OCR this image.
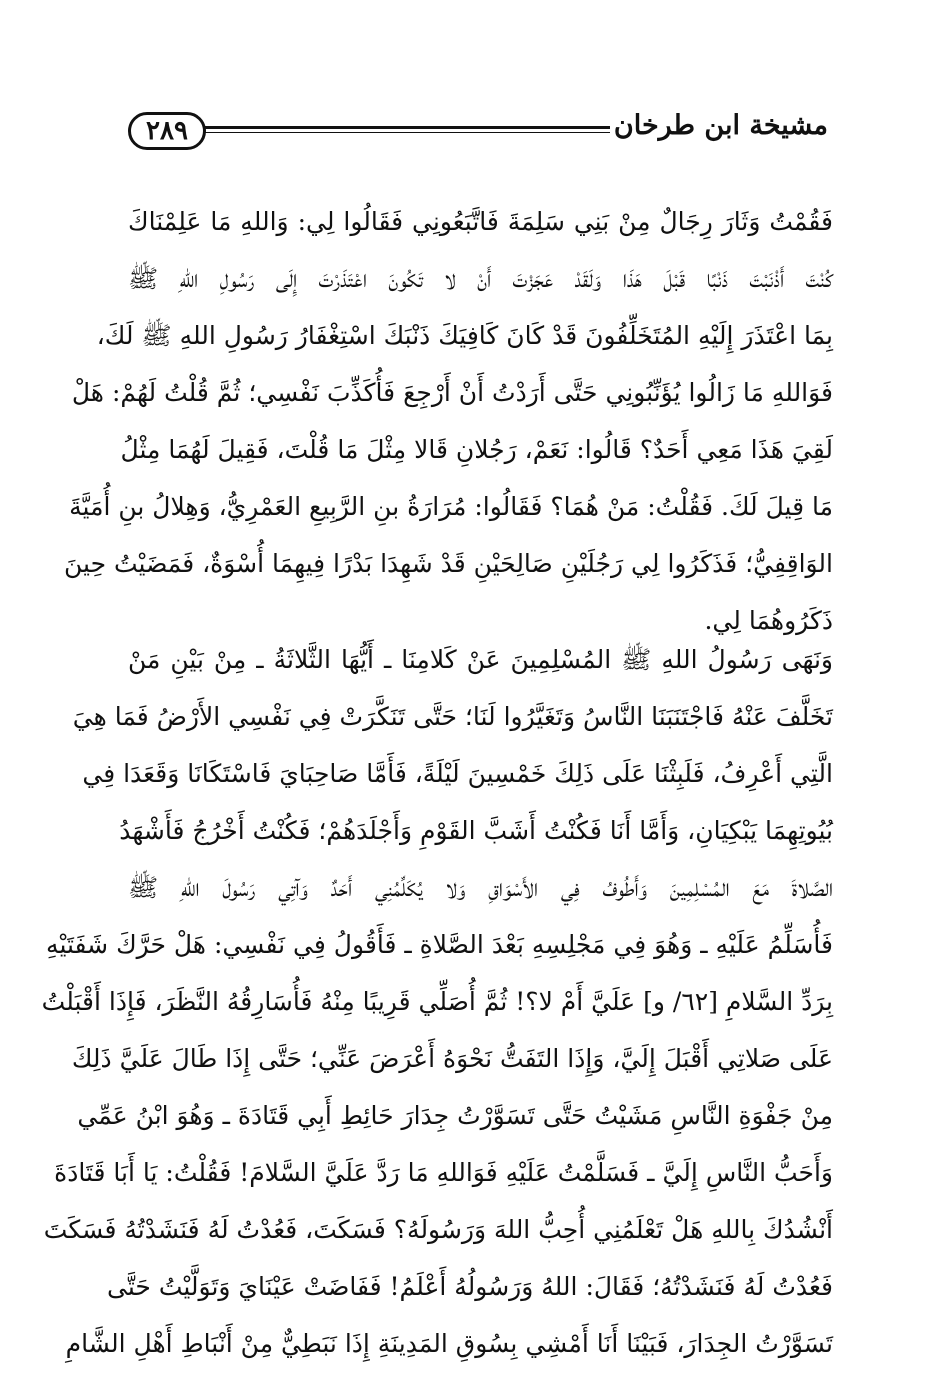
٢٨٩	مشيخة ابن طرخان
فَقُمْتُ وَثَارَ رِجَالٌ مِنْ بَنِي سَلِمَةَ فَاتَّبَعُونِي فَقَالُوا لِي: وَاللهِ مَا عَلِمْنَاكَ
كُنْتَ أَذْنَبْتَ ذَنْبًا قَبْلَ هَذَا وَلَقَدْ عَجَزْتَ أَنْ لا تَكُونَ اعْتَذَرْتَ إِلَى رَسُولِ اللهِ ﷺ
بِمَا اعْتَذَرَ إِلَيْهِ المُتَخَلِّفُونَ قَدْ كَانَ كَافِيَكَ ذَنْبَكَ اسْتِغْفَارُ رَسُولِ اللهِ ﷺ لَكَ،
فَوَاللهِ مَا زَالُوا يُؤَنِّبُونِي حَتَّى أَرَدْتُ أَنْ أَرْجِعَ فَأُكَذِّبَ نَفْسِي؛ ثُمَّ قُلْتُ لَهُمْ: هَلْ
لَقِيَ هَذَا مَعِي أَحَدٌ؟ قَالُوا: نَعَمْ، رَجُلانِ قَالا مِثْلَ مَا قُلْتَ، فَقِيلَ لَهُمَا مِثْلُ
مَا قِيلَ لَكَ. فَقُلْتُ: مَنْ هُمَا؟ فَقَالُوا: مُرَارَةُ بنِ الرَّبِيعِ العَمْرِيُّ، وَهِلالُ بنِ أُمَيَّةَ
الوَاقِفِيُّ؛ فَذَكَرُوا لِي رَجُلَيْنِ صَالِحَيْنِ قَدْ شَهِدَا بَدْرًا فِيهِمَا أُسْوَةٌ، فَمَضَيْتُ حِينَ
ذَكَرُوهُمَا لِي.
وَنَهَى رَسُولُ اللهِ ﷺ المُسْلِمِينَ عَنْ كَلامِنَا ـ أَيُّهَا الثَّلاثَةُ ـ مِنْ بَيْنِ مَنْ
تَخَلَّفَ عَنْهُ فَاجْتَنَبَنَا النَّاسُ وَتَغَيَّرُوا لَنَا؛ حَتَّى تَنَكَّرَتْ فِي نَفْسِي الأَرْضُ فَمَا هِيَ
الَّتِي أَعْرِفُ، فَلَبِثْنَا عَلَى ذَلِكَ خَمْسِينَ لَيْلَةً، فَأَمَّا صَاحِبَايَ فَاسْتَكَانَا وَقَعَدَا فِي
بُيُوتِهِمَا يَبْكِيَانِ، وَأَمَّا أَنَا فَكُنْتُ أَشَبَّ القَوْمِ وَأَجْلَدَهُمْ؛ فَكُنْتُ أَخْرُجُ فَأَشْهَدُ
الصَّلاةَ مَعَ المُسْلِمِينَ وَأَطُوفُ فِي الأَسْوَاقِ وَلا يُكَلِّمُنِي أَحَدٌ وَآتِي رَسُولَ اللهِ ﷺ
فَأُسَلِّمُ عَلَيْهِ ـ وَهُوَ فِي مَجْلِسِهِ بَعْدَ الصَّلاةِ ـ فَأَقُولُ فِي نَفْسِي: هَلْ حَرَّكَ شَفَتَيْهِ
بِرَدِّ السَّلامِ [٦٢/ و] عَلَيَّ أَمْ لا؟! ثُمَّ أُصَلِّي قَرِيبًا مِنْهُ فَأُسَارِقُهُ النَّظَرَ، فَإِذَا أَقْبَلْتُ
عَلَى صَلاتِي أَقْبَلَ إِلَيَّ، وَإِذَا التَفَتُّ نَحْوَهُ أَعْرَضَ عَنِّي؛ حَتَّى إِذَا طَالَ عَلَيَّ ذَلِكَ
مِنْ جَفْوَةِ النَّاسِ مَشَيْتُ حَتَّى تَسَوَّرْتُ جِدَارَ حَائِطِ أَبِي قَتَادَةَ ـ وَهُوَ ابْنُ عَمِّي
وَأَحَبُّ النَّاسِ إِلَيَّ ـ فَسَلَّمْتُ عَلَيْهِ فَوَاللهِ مَا رَدَّ عَلَيَّ السَّلامَ! فَقُلْتُ: يَا أَبَا قَتَادَةَ
أَنْشُدُكَ بِاللهِ هَلْ تَعْلَمُنِي أُحِبُّ اللهَ وَرَسُولَهُ؟ فَسَكَتَ، فَعُدْتُ لَهُ فَنَشَدْتُهُ فَسَكَتَ
فَعُدْتُ لَهُ فَنَشَدْتُهُ؛ فَقَالَ: اللهُ وَرَسُولُهُ أَعْلَمُ! فَفَاضَتْ عَيْنَايَ وَتَوَلَّيْتُ حَتَّى
تَسَوَّرْتُ الجِدَارَ، فَبَيْنَا أَنَا أَمْشِي بِسُوقِ المَدِينَةِ إِذَا نَبَطِيٌّ مِنْ أَنْبَاطِ أَهْلِ الشَّامِ
